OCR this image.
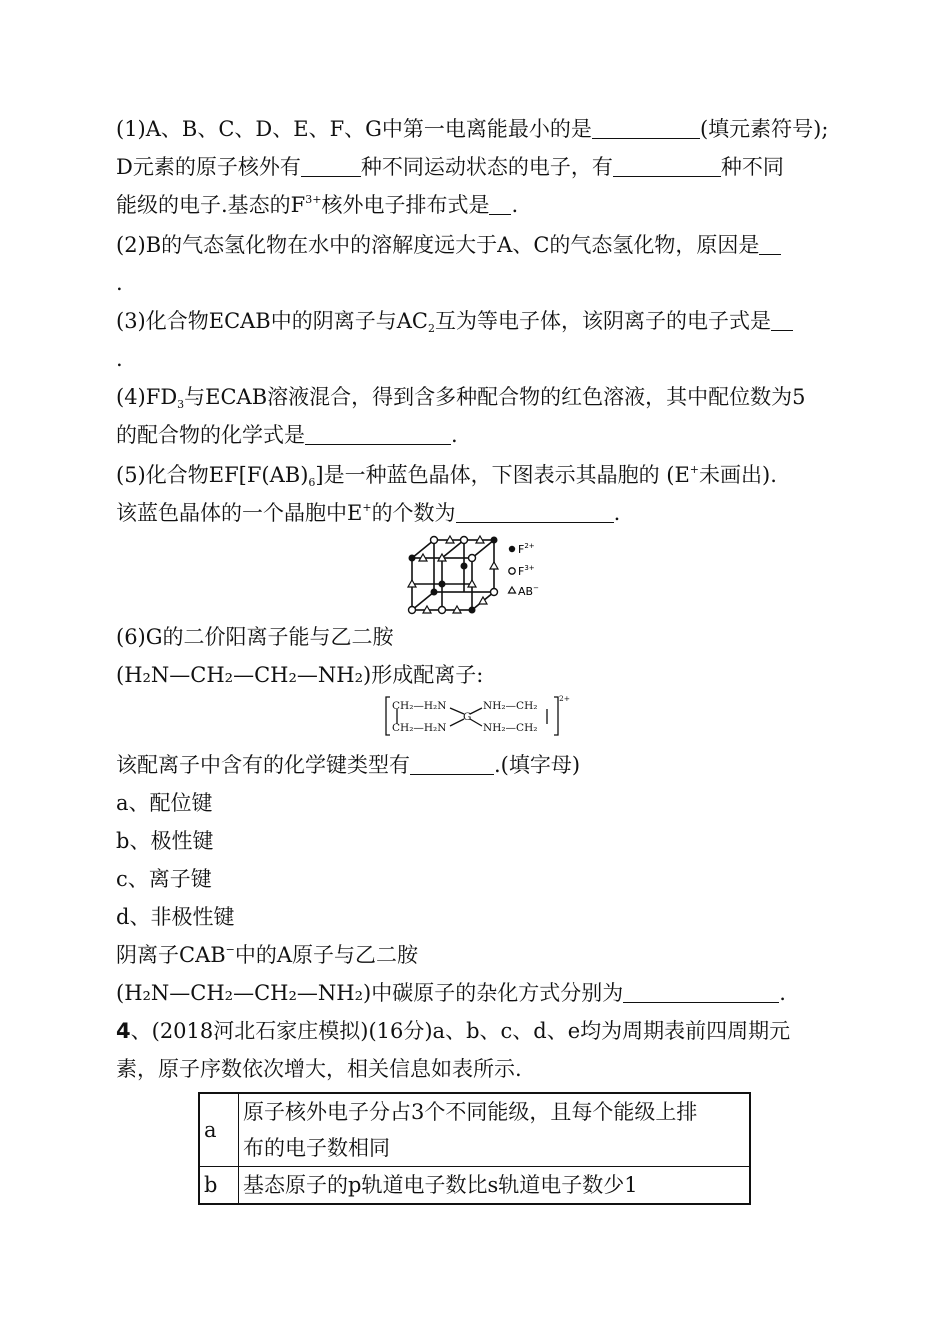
(1)A、B、C、D、E、F、G中第一电离能最小的是	(填元素符号);
D元素的原子核外有	种不同运动状态的电子，有	种不同
能级的电子.基态的$F^{3+}$核外电子排布式是 .
(2)B的气态氢化物在水中的溶解度远大于A、C的气态氢化物，原因是
.
(3)化合物ECAB中的阴离子与$AC_2$互为等电子体，该阴离子的电子式是
.
$(4)FD_3$与ECAB溶液混合，得到含多种配合物的红色溶液，其中配位数为5
的配合物的化学式是	.
(5)化合物$EF[F(AB)_6]$是一种蓝色晶体，下图表示其晶胞的 (E+未画出).
该蓝色晶体的一个晶胞中E+的个数为	.
$F^{2+}$
$F^{3+}$
AB−
(6)G的二价阳离子能与乙二胺
(H₂N—CH₂—CH₂—NH₂)形成配离子:
CH₂—H₂N
CH₂—H₂N
G
NH₂—CH₂
NH₂—CH₂
2+
该配离子中含有的化学键类型有	.(填字母)
a、配位键
b、极性键
c、离子键
d、非极性键
阴离子CAB−中的A原子与乙二胺
(H₂N—CH₂—CH₂—NH₂)中碳原子的杂化方式分别为	.
4、(2018河北石家庄模拟)(16分)a、b、c、d、e均为周期表前四周期元
素，原子序数依次增大，相关信息如表所示.
a	原子核外电子分占3个不同能级，且每个能级上排
布的电子数相同

b	基态原子的p轨道电子数比s轨道电子数少1
